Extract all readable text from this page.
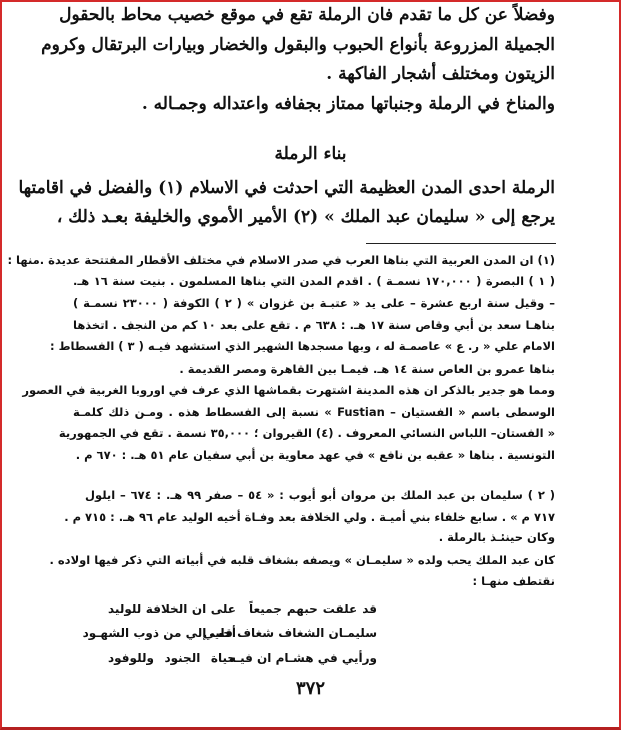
وفضلاً عن كل ما تقدم فان الرملة تقع في موقع خصيب محاط بالحقول
الجميلة المزروعة بأنواع الحبوب والبقول والخضار وبيارات البرتقال وكروم
الزيتون ومختلف أشجار الفاكهة .
والمناخ في الرملة وجنباتها ممتاز بجفافه واعتداله وجمـاله .
بناء الرملة
الرملة احدى المدن العظيمة التي احدثت في الاسلام (١) والفضل في اقامتها
يرجع إلى « سليمان عبد الملك » (٢) الأمير الأموي والخليفة بعـد ذلك ،
(١) ان المدن العربية التي بناها العرب في صدر الاسلام في مختلف الأقطار المفتتحة عديدة .منها :
( ١ ) البصرة ( ١٧٠,٠٠٠ نسمـة ) . اقدم المدن التي بناها المسلمون . بنيت سنة ١٦ هـ.
– وقيل سنة اربع عشرة – على يد « عتبـة بن غزوان » ( ٢ ) الكوفة ( ٢٣٠٠٠ نسمـة )
بناهـا سعد بن أبي وقاص سنة ١٧ هـ. : ٦٣٨ م . تقع على بعد ١٠ كم من النجف . اتخذها
الامام علي « ر. ع » عاصمـة له ، وبها مسجدها الشهير الذي استشهد فيـه ( ٣ ) الفسطاط :
بناها عمرو بن العاص سنة ١٤ هـ. فيمـا بين القاهرة ومصر القديمة .
ومما هو جدير بالذكر ان هذه المدينة اشتهرت بقماشها الذي عرف في اوروبا الغربية في العصور
الوسطى باسم « الفستيان – Fustian » نسبة إلى الفسطاط هذه . ومـن ذلك كلمـة
« الفستان– اللباس النسائي المعروف . (٤) القيروان ؛ ٣٥,٠٠٠ نسمة . تقع في الجمهورية
التونسية . بناها « عقبه بن نافع » في عهد معاوية بن أبي سفيان عام ٥١ هـ. : ٦٧٠ م .
( ٢ ) سليمان بن عبد الملك بن مروان أبو أيوب : « ٥٤ – صفر ٩٩ هـ. : ٦٧٤ – ايلول
٧١٧ م » . سابع خلفاء بني أميـة . ولي الخلافة بعد وفـاة أخيه الوليد عام ٩٦ هـ. : ٧١٥ م .
وكان حينئـذ بالرملة .
كان عبد الملك يحب ولده « سليمـان » ويصفه بشغاف قلبه في أبياته التي ذكر فيها اولاده .
نقتطف منهـا :
قد علقت حبهم جميعاً
على ان الخلافة للوليد
سليمـان الشغاف شغاف قلبي
أحب إلي من ذوب الشهـود
ورأيي في هشـام ان فيـه
حياة الجنود وللوفود
٣٧٢
